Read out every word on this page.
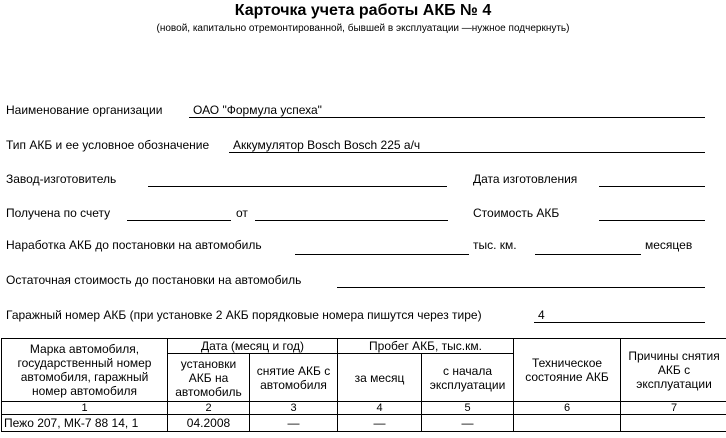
Карточка учета работы АКБ № 4
(новой, капитально отремонтированной, бывшей в эксплуатации —нужное подчеркнуть)
Наименование организации	ОАО "Формула успеха"
Тип АКБ и ее условное обозначение	Аккумулятор Bosch Bosch 225 а/ч
Завод-изготовитель	Дата изготовления
Получена по счету	от	Стоимость АКБ
Наработка АКБ до постановки на автомобиль	тыс. км.	месяцев
Остаточная стоимость до постановки на автомобиль
Гаражный номер АКБ (при установке 2 АКБ порядковые номера пишутся через тире)	4
Марка автомобиля, государственный номер автомобиля, гаражный номер автомобиля	Дата (месяц и год)		Пробег АКБ, тыс.км.		Техническое состояние АКБ	Причины снятия АКБ с эксплуатации
	установки АКБ на автомобиль	снятие АКБ с автомобиля	за месяц	с начала эксплуатации		
1	2	3	4	5	6	7
Пежо 207, МК-7 88 14, 1	04.2008	—	—	—		
